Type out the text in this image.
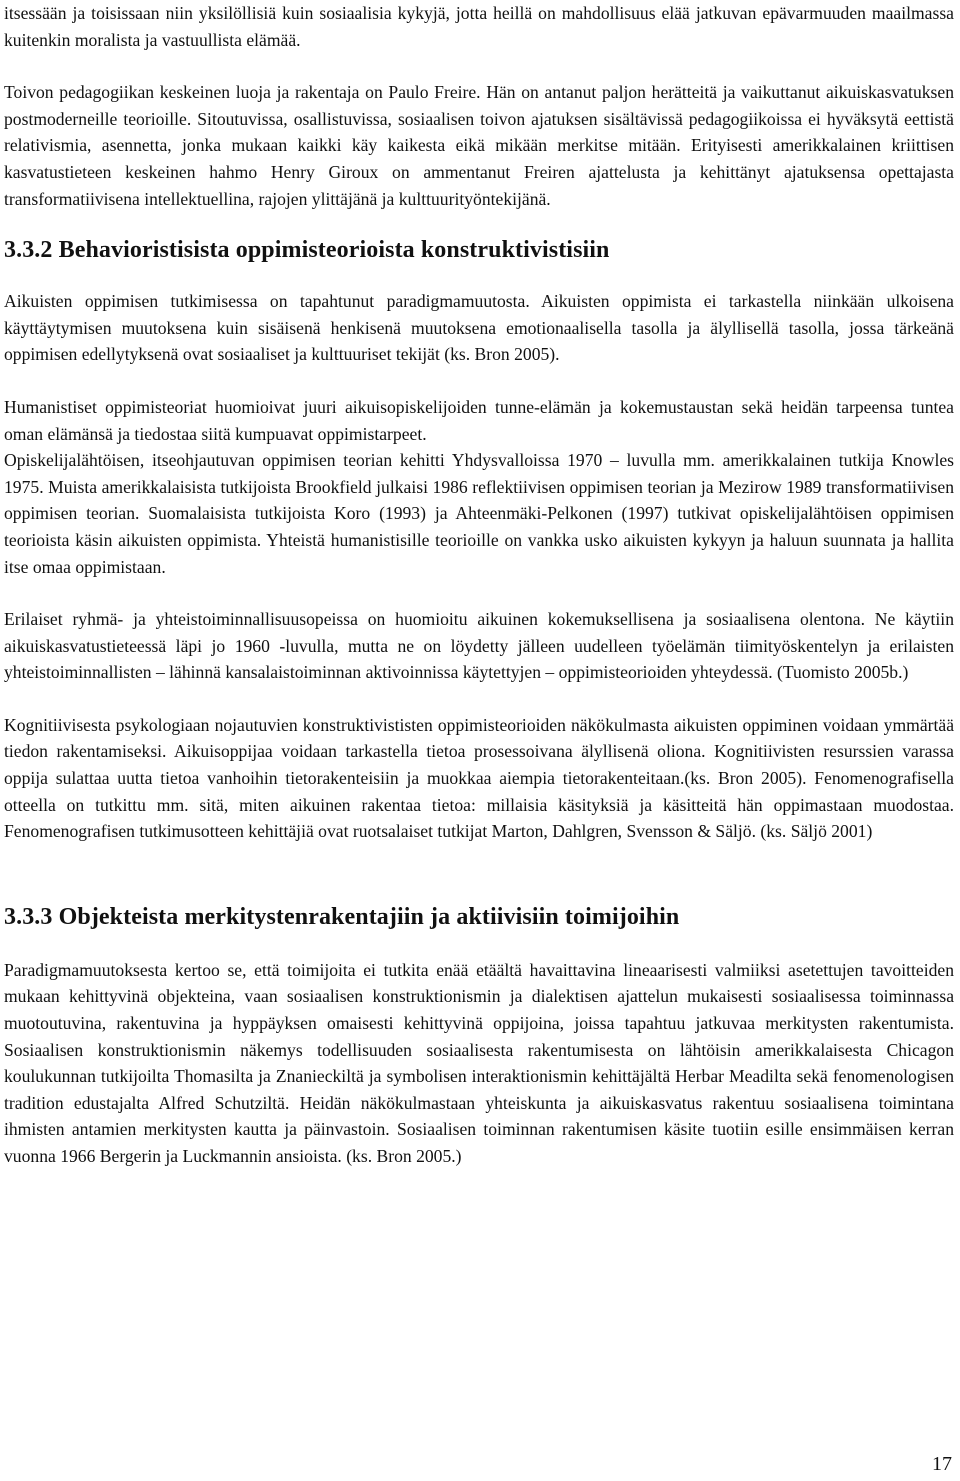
itsessään ja toisissaan niin yksilöllisiä kuin sosiaalisia kykyjä, jotta heillä on mahdollisuus elää jatkuvan epävarmuuden maailmassa kuitenkin moralista ja vastuullista elämää.

Toivon pedagogiikan keskeinen luoja ja rakentaja on Paulo Freire. Hän on antanut paljon herätteitä ja vaikuttanut aikuiskasvatuksen postmoderneille teorioille. Sitoutuvissa, osallistuvissa, sosiaalisen toivon ajatuksen sisältävissä pedagogiikoissa ei hyväksytä eettistä relativismia, asennetta, jonka mukaan kaikki käy kaikesta eikä mikään merkitse mitään. Erityisesti amerikkalainen kriittisen kasvatustieteen keskeinen hahmo Henry Giroux on ammentanut Freiren ajattelusta ja kehittänyt ajatuksensa opettajasta transformatiivisena intellektuellina, rajojen ylittäjänä ja kulttuurityöntekijänä.

3.3.2 Behavioristisista oppimisteorioista konstruktivistisiin

Aikuisten oppimisen tutkimisessa on tapahtunut paradigmamuutosta. Aikuisten oppimista ei tarkastella niinkään ulkoisena käyttäytymisen muutoksena kuin sisäisenä henkisenä muutoksena emotionaalisella tasolla ja älyllisellä tasolla, jossa tärkeänä oppimisen edellytyksenä ovat sosiaaliset ja kulttuuriset tekijät (ks. Bron 2005).

Humanistiset oppimisteoriat huomioivat juuri aikuisopiskelijoiden tunne-elämän ja kokemustaustan sekä heidän tarpeensa tuntea oman elämänsä ja tiedostaa siitä kumpuavat oppimistarpeet.

Opiskelijalähtöisen, itseohjautuvan oppimisen teorian kehitti Yhdysvalloissa 1970 – luvulla mm. amerikkalainen tutkija Knowles 1975. Muista amerikkalaisista tutkijoista Brookfield julkaisi 1986 reflektiivisen oppimisen teorian ja Mezirow 1989 transformatiivisen oppimisen teorian. Suomalaisista tutkijoista Koro (1993) ja Ahteenmäki-Pelkonen (1997) tutkivat opiskelijalähtöisen oppimisen teorioista käsin aikuisten oppimista. Yhteistä humanistisille teorioille on vankka usko aikuisten kykyyn ja haluun suunnata ja hallita itse omaa oppimistaan.

Erilaiset ryhmä- ja yhteistoiminnallisuusopeissa on huomioitu aikuinen kokemuksellisena ja sosiaalisena olentona. Ne käytiin aikuiskasvatustieteessä läpi jo 1960 -luvulla, mutta ne on löydetty jälleen uudelleen työelämän tiimityöskentelyn ja erilaisten yhteistoiminnallisten – lähinnä kansalaistoiminnan aktivoinnissa käytettyjen – oppimisteorioiden yhteydessä. (Tuomisto 2005b.)

Kognitiivisesta psykologiaan nojautuvien konstruktivististen oppimisteorioiden näkökulmasta aikuisten oppiminen voidaan ymmärtää tiedon rakentamiseksi. Aikuisoppijaa voidaan tarkastella tietoa prosessoivana älyllisenä oliona. Kognitiivisten resurssien varassa oppija sulattaa uutta tietoa vanhoihin tietorakenteisiin ja muokkaa aiempia tietorakenteitaan.(ks. Bron 2005). Fenomenografisella otteella on tutkittu mm. sitä, miten aikuinen rakentaa tietoa: millaisia käsityksiä ja käsitteitä hän oppimastaan muodostaa. Fenomenografisen tutkimusotteen kehittäjiä ovat ruotsalaiset tutkijat Marton, Dahlgren, Svensson & Säljö. (ks. Säljö 2001)

3.3.3 Objekteista merkitystenrakentajiin ja aktiivisiin toimijoihin

Paradigmamuutoksesta kertoo se, että toimijoita ei tutkita enää etäältä havaittavina lineaarisesti valmiiksi asetettujen tavoitteiden mukaan kehittyvinä objekteina, vaan sosiaalisen konstruktionismin ja dialektisen ajattelun mukaisesti sosiaalisessa toiminnassa muotoutuvina, rakentuvina ja hyppäyksen omaisesti kehittyvinä oppijoina, joissa tapahtuu jatkuvaa merkitysten rakentumista. Sosiaalisen konstruktionismin näkemys todellisuuden sosiaalisesta rakentumisesta on lähtöisin amerikkalaisesta Chicagon koulukunnan tutkijoilta Thomasilta ja Znanieckiltä ja symbolisen interaktionismin kehittäjältä Herbar Meadilta sekä fenomenologisen tradition edustajalta Alfred Schutziltä. Heidän näkökulmastaan yhteiskunta ja aikuiskasvatus rakentuu sosiaalisena toimintana ihmisten antamien merkitysten kautta ja päinvastoin. Sosiaalisen toiminnan rakentumisen käsite tuotiin esille ensimmäisen kerran vuonna 1966 Bergerin ja Luckmannin ansioista. (ks. Bron 2005.)

17
